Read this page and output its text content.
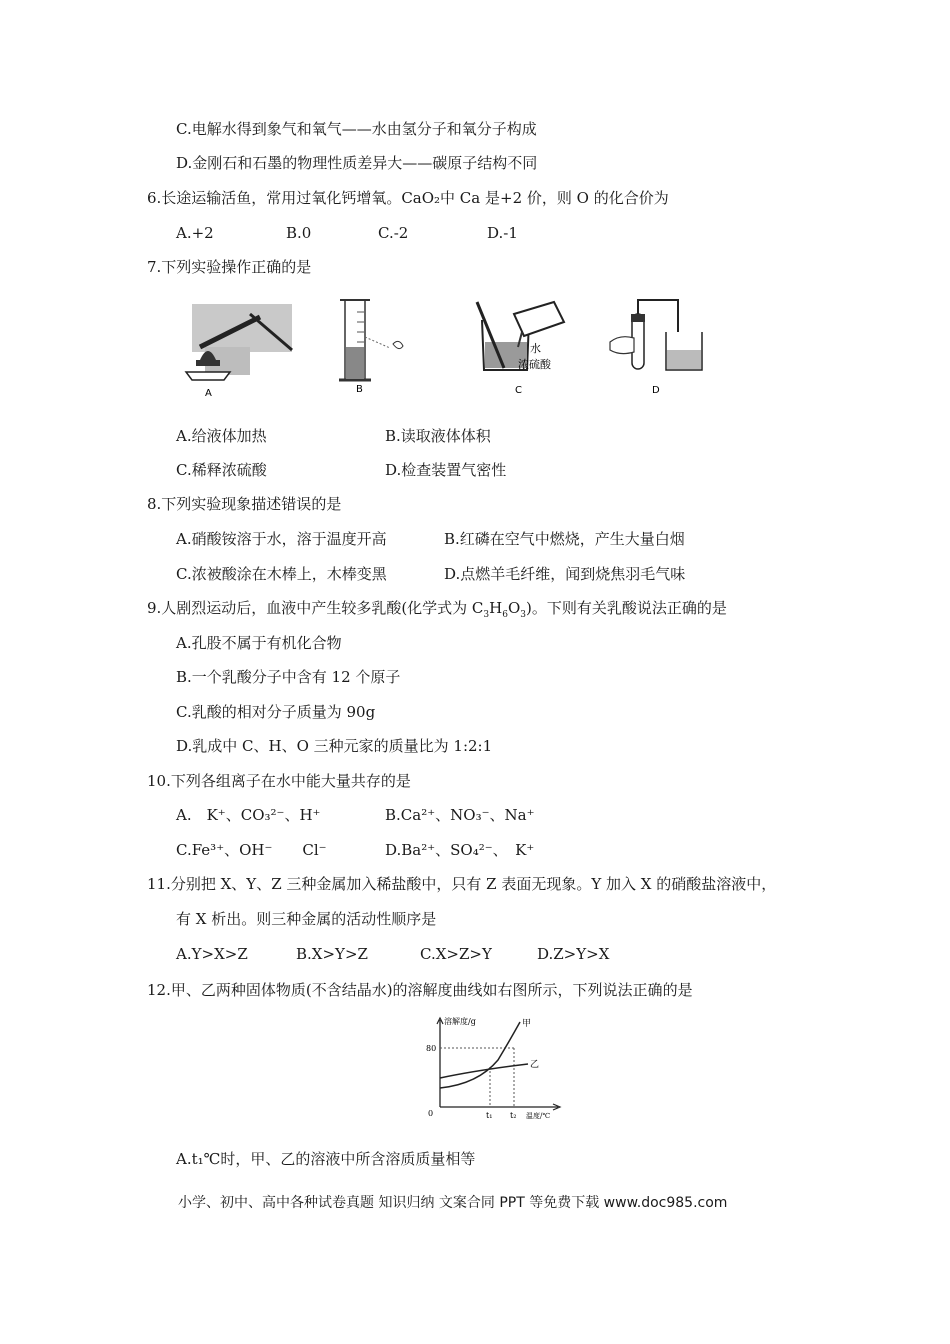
C.电解水得到象气和氧气——水由氢分子和氧分子构成
D.金刚石和石墨的物理性质差异大——碳原子结构不同
6.长途运输活鱼，常用过氧化钙增氧。CaO₂中 Ca 是+2 价，则 O 的化合价为
A.+2	B.0	C.-2	D.-1
7.下列实验操作正确的是
A	B
水
浓硫酸
C	D
A.给液体加热	B.读取液体体积
C.稀释浓硫酸	D.检查装置气密性
8.下列实验现象描述错误的是
A.硝酸铵溶于水，溶于温度开高	B.红磷在空气中燃烧，产生大量白烟
C.浓被酸涂在木棒上，木棒变黑	D.点燃羊毛纤维，闻到烧焦羽毛气味
9.人剧烈运动后，血液中产生较多乳酸(化学式为 $C_3H_6O_3$)。下则有关乳酸说法正确的是
A.孔股不属于有机化合物
B.一个乳酸分子中含有 12 个原子
C.乳酸的相对分子质量为 90g
D.乳成中 C、H、O 三种元家的质量比为 1:2:1
10.下列各组离子在水中能大量共存的是
A.　K⁺、CO₃²⁻、H⁺	B.Ca²⁺、NO₃⁻、Na⁺
C.Fe³⁺、OH⁻　　Cl⁻	D.Ba²⁺、SO₄²⁻、　K⁺
11.分别把 X、Y、Z 三种金属加入稀盐酸中，只有 Z 表面无现象。Y 加入 X 的硝酸盐溶液中，
有 X 析出。则三种金属的活动性顺序是
A.Y>X>Z	B.X>Y>Z	C.X>Z>Y	D.Z>Y>X
12.甲、乙两种固体物质(不含结晶水)的溶解度曲线如右图所示，下列说法正确的是
溶解度/g
80
0
甲
乙
t₁ t₂ 温度/℃
A.t₁℃时，甲、乙的溶液中所含溶质质量相等
小学、初中、高中各种试卷真题 知识归纳 文案合同 PPT 等免费下载 www.doc985.com
